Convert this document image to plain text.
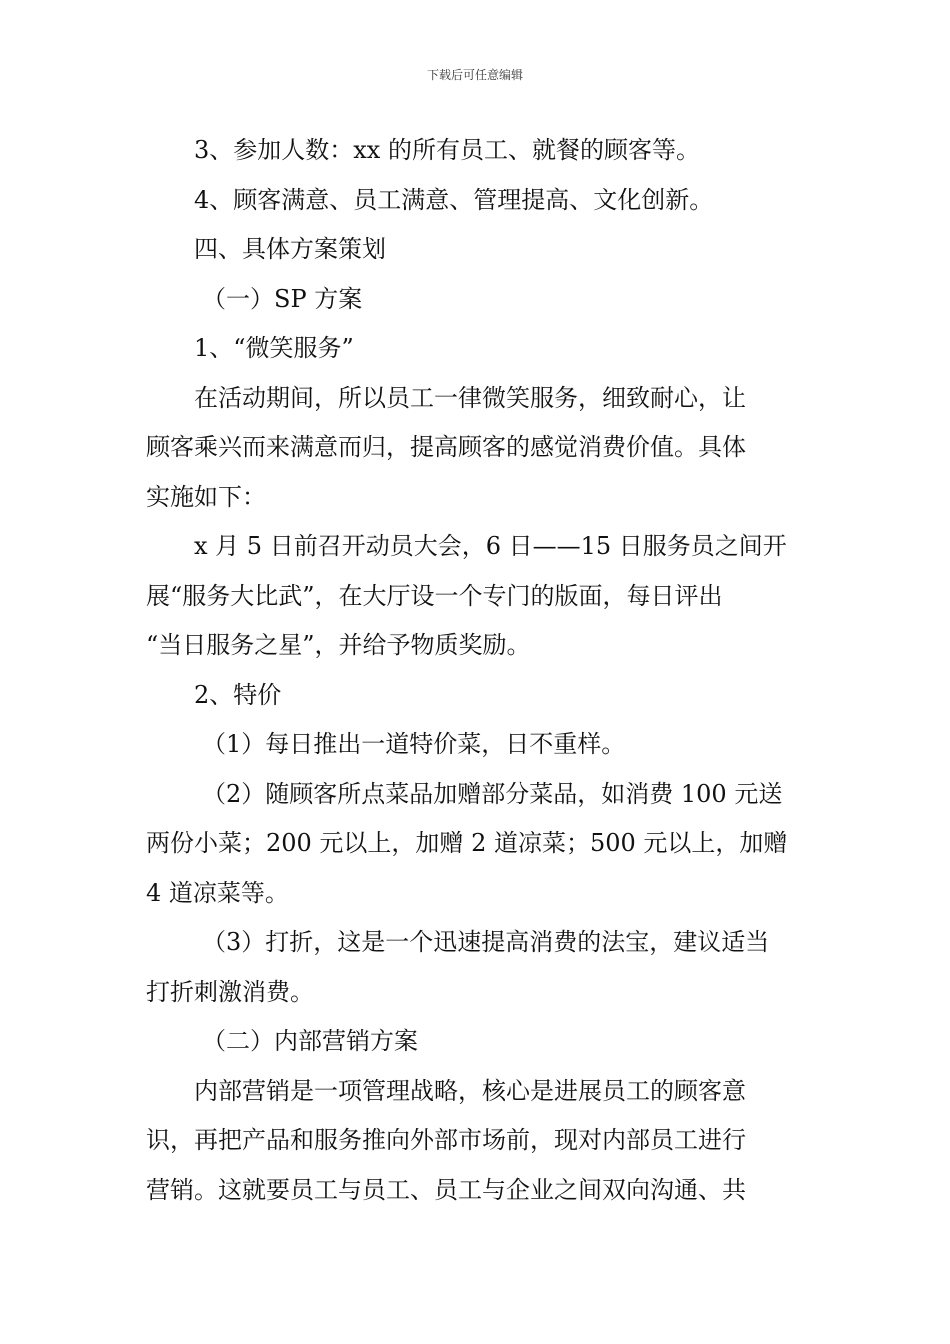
下载后可任意编辑
3、参加人数：xx 的所有员工、就餐的顾客等。
4、顾客满意、员工满意、管理提高、文化创新。
四、具体方案策划
（一）SP 方案
1、“微笑服务”
在活动期间，所以员工一律微笑服务，细致耐心，让
顾客乘兴而来满意而归，提高顾客的感觉消费价值。具体
实施如下：
x 月 5 日前召开动员大会，6 日——15 日服务员之间开
展“服务大比武”，在大厅设一个专门的版面，每日评出
“当日服务之星”，并给予物质奖励。
2、特价
（1）每日推出一道特价菜，日不重样。
（2）随顾客所点菜品加赠部分菜品，如消费 100 元送
两份小菜；200 元以上，加赠 2 道凉菜；500 元以上，加赠
4 道凉菜等。
（3）打折，这是一个迅速提高消费的法宝，建议适当
打折刺激消费。
（二）内部营销方案
内部营销是一项管理战略，核心是进展员工的顾客意
识，再把产品和服务推向外部市场前，现对内部员工进行
营销。这就要员工与员工、员工与企业之间双向沟通、共
